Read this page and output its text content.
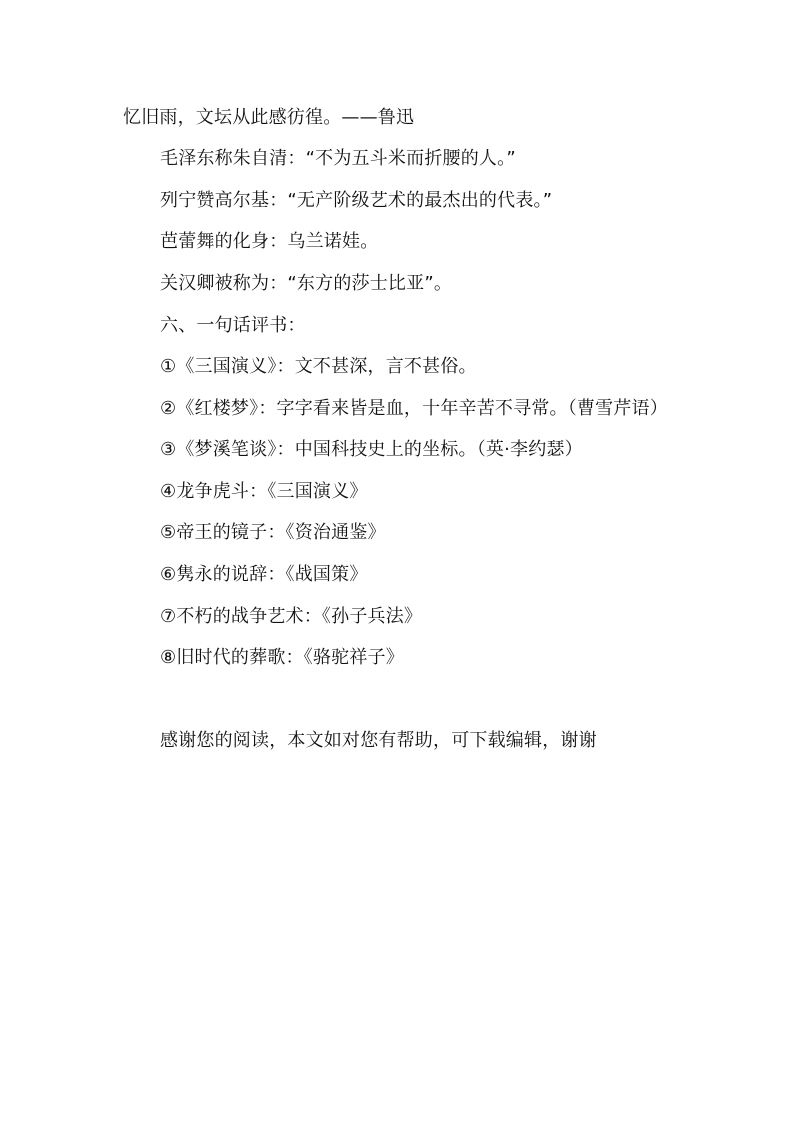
忆旧雨，文坛从此感彷徨。——鲁迅
毛泽东称朱自清：“不为五斗米而折腰的人。”
列宁赞高尔基：“无产阶级艺术的最杰出的代表。”
芭蕾舞的化身：乌兰诺娃。
关汉卿被称为：“东方的莎士比亚”。
六、一句话评书：
①《三国演义》：文不甚深，言不甚俗。
②《红楼梦》：字字看来皆是血，十年辛苦不寻常。（曹雪芹语）
③《梦溪笔谈》：中国科技史上的坐标。（英·李约瑟）
④龙争虎斗：《三国演义》
⑤帝王的镜子：《资治通鉴》
⑥隽永的说辞：《战国策》
⑦不朽的战争艺术：《孙子兵法》
⑧旧时代的葬歌：《骆驼祥子》
感谢您的阅读，本文如对您有帮助，可下载编辑，谢谢
